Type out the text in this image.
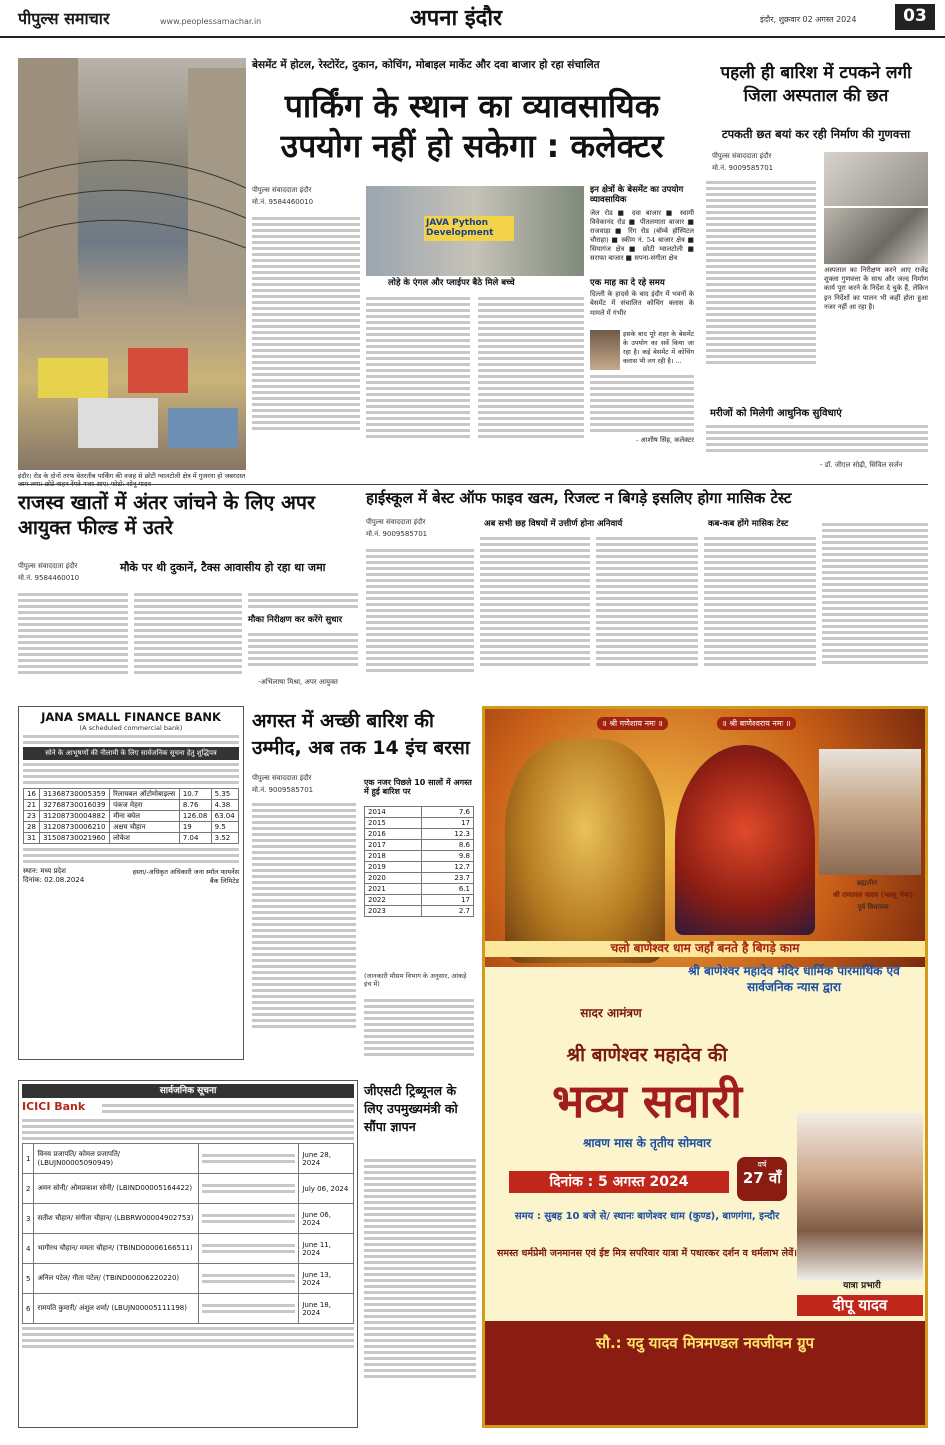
पीपुल्स समाचार	www.peoplessamachar.in	अपना इंदौर	इंदौर, शुक्रवार 02 अगस्त 2024	03
इंदौर। रोड के दोनों तरफ बेतरतीब पार्किंग की वजह से छोटी ग्वालटोली क्षेत्र में गुजरना हो जबरदस्त
बेसमेंट में होटल, रेस्टोरेंट, दुकान, कोचिंग, मोबाइल मार्केट और दवा बाजार हो रहा संचालित
पार्किंग के स्थान का व्यावसायिक उपयोग नहीं हो सकेगा : कलेक्टर
पीपुल्स संवाददाता इंदौर
मो.नं. 9584460010
JAVA Python Development
लोहे के एंगल और प्लाईपर बैठे मिले बच्चे
इन क्षेत्रों के बेसमेंट का उपयोग व्यावसायिक
जेल रोड ■ दवा बाजार ■ स्वामी विवेकानंद रोड ■ पीतलमाता बाजार ■ राजवाड़ा ■ रिंग रोड (बॉम्बे हॉस्पिटल चौराहा) ■ स्कीम नं. 54 बाजार क्षेत्र ■ सियागंज क्षेत्र ■ छोटी ग्वालटोली ■ सराफा बाजार ■ सपना-संगीता क्षेत्र
एक माह का दे रहे समय
दिल्ली के हादसे के बाद इंदौर में भवनों के बेसमेंट में संचालित कोचिंग क्लास के मामले में गंभीर
इसके बाद पूरे शहर के बेसमेंट के उपयोग का सर्वे किया जा रहा है। कई बेसमेंट में कोचिंग क्लास भी लग रही है। ...
- आशीष सिंह, कलेक्टर
पहली ही बारिश में टपकने लगी जिला अस्पताल की छत
टपकती छत बयां कर रही निर्माण की गुणवत्ता
पीपुल्स संवाददाता इंदौर
मो.नं. 9009585701
अस्पताल का निरीक्षण करने आए राजेंद्र शुक्ला गुणवत्ता के साथ और जल्द निर्माण कार्य पूरा करने के निर्देश दे चुके हैं, लेकिन इन निर्देशों का पालन भी कहीं होता हुआ नजर नहीं आ रहा है।
मरीजों को मिलेगी आधुनिक सुविधाएं
- डॉ. जीएल सोढ़ी, सिविल सर्जन
राजस्व खातों में अंतर जांचने के लिए अपर आयुक्त फील्ड में उतरे
पीपुल्स संवाददाता इंदौर
मो.नं. 9584460010
मौके पर थी दुकानें, टैक्स आवासीय हो रहा था जमा
मौका निरीक्षण कर करेंगे सुधार
-अभिलाषा मिश्रा, अपर आयुक्त
हाईस्कूल में बेस्ट ऑफ फाइव खत्म, रिजल्ट न बिगड़े इसलिए होगा मासिक टेस्ट
पीपुल्स संवाददाता इंदौर
मो.नं. 9009585701
अब सभी छह विषयों में उत्तीर्ण होना अनिवार्य	कब-कब होंगे मासिक टेस्ट
JANA SMALL FINANCE BANK
(A scheduled commercial bank)
सोने के आभूषणों की नीलामी के लिए सार्वजनिक सूचना हेतु शुद्धिपत्र
16	31368730005359	रिलायबल ऑटोमोबाइल्स	10.7	5.35
21	32768730016039	पंकज मेहरा	8.76	4.38
23	31208730004882	मीना बघेल	126.08	63.04
28	31208730006210	अक्षय चौहान	19	9.5
31	31508730021960	लोकेश	7.04	3.52
स्थान: मध्य प्रदेश
दिनांक: 02.08.2024
हस्ता/-अधिकृत अधिकारी जना स्मॉल फायनेंस बैंक लिमिटेड
अगस्त में अच्छी बारिश की उम्मीद, अब तक 14 इंच बरसा
पीपुल्स संवाददाता इंदौर
मो.नं. 9009585701
एक नजर पिछले 10 सालों में अगस्त में हुई बारिश पर
2014	7.6
2015	17
2016	12.3
2017	8.6
2018	9.8
2019	12.7
2020	23.7
2021	6.1
2022	17
2023	2.7
(जानकारी मौसम विभाग के अनुसार, आंकड़े इंच में)
सार्वजनिक सूचना
ICICI Bank
1	विनय प्रजापति/ कोमल प्रजापति/ (LBUJN00005090949)		June 28, 2024
2	अमन सोनी/ ओमप्रकाश सोनी/ (LBIND00005164422)		July 06, 2024
3	सतीश चौहान/ संगीता चौहान/ (LBBRW00004902753)		June 06, 2024
4	भागीरथ चौहान/ ममता चौहान/ (TBIND00006166511)		June 11, 2024
5	अनिल पटेल/ गीता पटेल/ (TBIND00006220220)		June 13, 2024
6	रामपति कुमारी/ अंशुल शर्मा/ (LBUJN00005111198)		June 18, 2024
जीएसटी ट्रिब्यूनल के लिए उपमुख्यमंत्री को सौंपा ज्ञापन
॥ श्री गणेशाय नमः ॥	॥ श्री बाणेश्वराय नमः ॥
ब्रह्मलीन
श्री रामलाल यादव (भल्लू भैया)
पूर्व विधायक
चलो बाणेश्वर धाम जहाँ बनते है बिगड़े काम
श्री बाणेश्वर महादेव मंदिर धार्मिक पारमार्थिक एवं सार्वजनिक न्यास द्वारा
सादर आमंत्रण
श्री बाणेश्वर महादेव की
भव्य सवारी
श्रावण मास के तृतीय सोमवार
वर्ष
27 वाँ
दिनांक : 5 अगस्त 2024
समय : सुबह 10 बजे से/ स्थानः बाणेश्वर धाम (कुण्ड), बाणगंगा, इन्दौर
समस्त धर्मप्रेमी जनमानस एवं ईष्ट मित्र सपरिवार यात्रा में पधारकर दर्शन व धर्मलाभ लेवें।
यात्रा प्रभारी
दीपू यादव
सौ.: यदु यादव मित्रमण्डल नवजीवन ग्रुप
